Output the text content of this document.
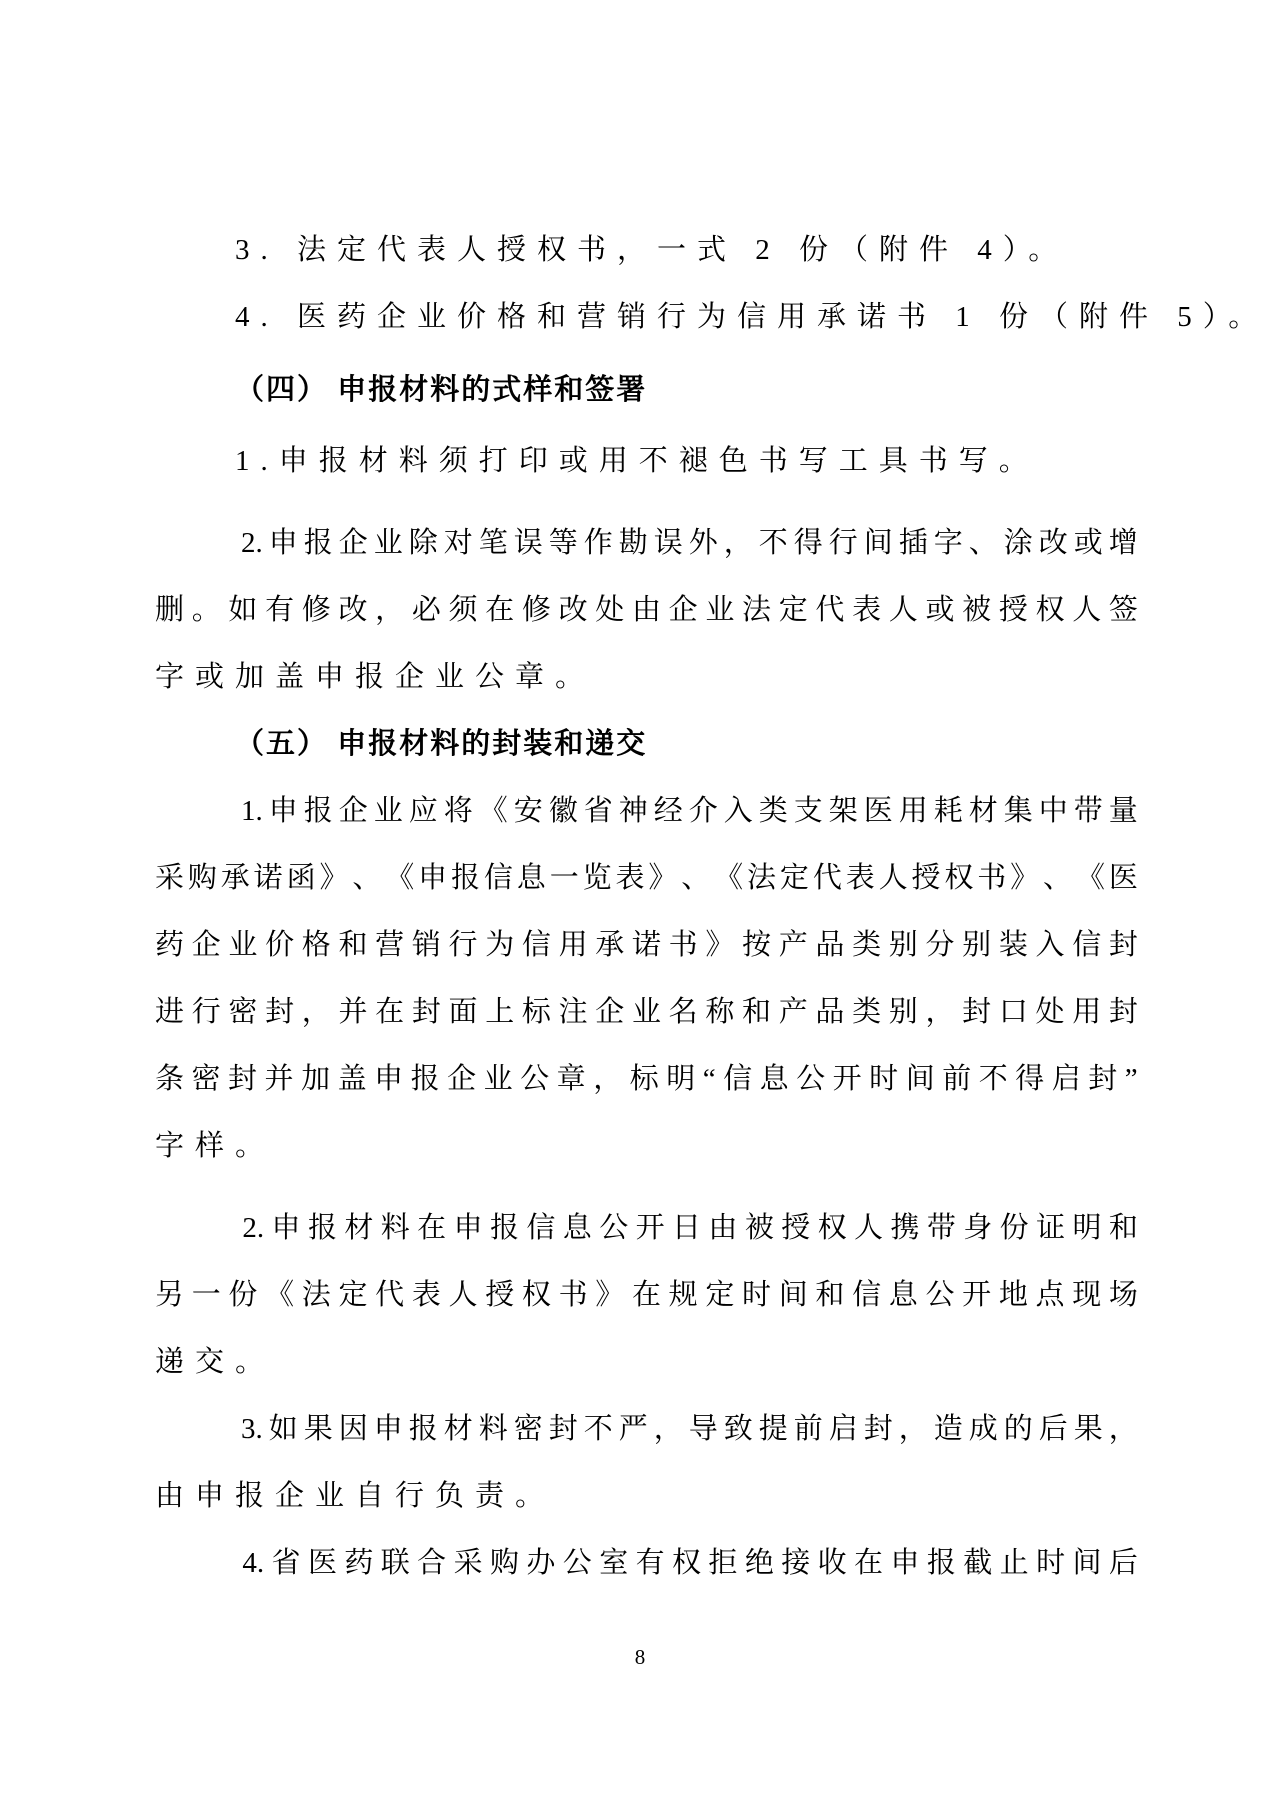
3. 法定代表人授权书，一式 2 份（附件 4）。
4. 医药企业价格和营销行为信用承诺书 1 份（附件 5）。
（四） 申报材料的式样和签署
1.申报材料须打印或用不褪色书写工具书写。
2. 申 报 企 业 除 对 笔 误 等 作 勘 误 外 ， 不 得 行 间 插 字 、 涂 改 或 增
删 。 如 有 修 改 ， 必 须 在 修 改 处 由 企 业 法 定 代 表 人 或 被 授 权 人 签
字或加盖申报企业公章。
（五） 申报材料的封装和递交
1. 申 报 企 业 应 将 《 安 徽 省 神 经 介 入 类 支 架 医 用 耗 材 集 中 带 量
采 购 承 诺 函 》 、 《 申 报 信 息 一 览 表 》 、 《 法 定 代 表 人 授 权 书 》 、 《 医
药 企 业 价 格 和 营 销 行 为 信 用 承 诺 书 》 按 产 品 类 别 分 别 装 入 信 封
进 行 密 封 ， 并 在 封 面 上 标 注 企 业 名 称 和 产 品 类 别 ， 封 口 处 用 封
条 密 封 并 加 盖 申 报 企 业 公 章 ， 标 明 “ 信 息 公 开 时 间 前 不 得 启 封 ”
字样。
2. 申 报 材 料 在 申 报 信 息 公 开 日 由 被 授 权 人 携 带 身 份 证 明 和
另 一 份 《 法 定 代 表 人 授 权 书 》 在 规 定 时 间 和 信 息 公 开 地 点 现 场
递交。
3. 如 果 因 申 报 材 料 密 封 不 严 ， 导 致 提 前 启 封 ， 造 成 的 后 果 ，
由申报企业自行负责。
4. 省 医 药 联 合 采 购 办 公 室 有 权 拒 绝 接 收 在 申 报 截 止 时 间 后
8
